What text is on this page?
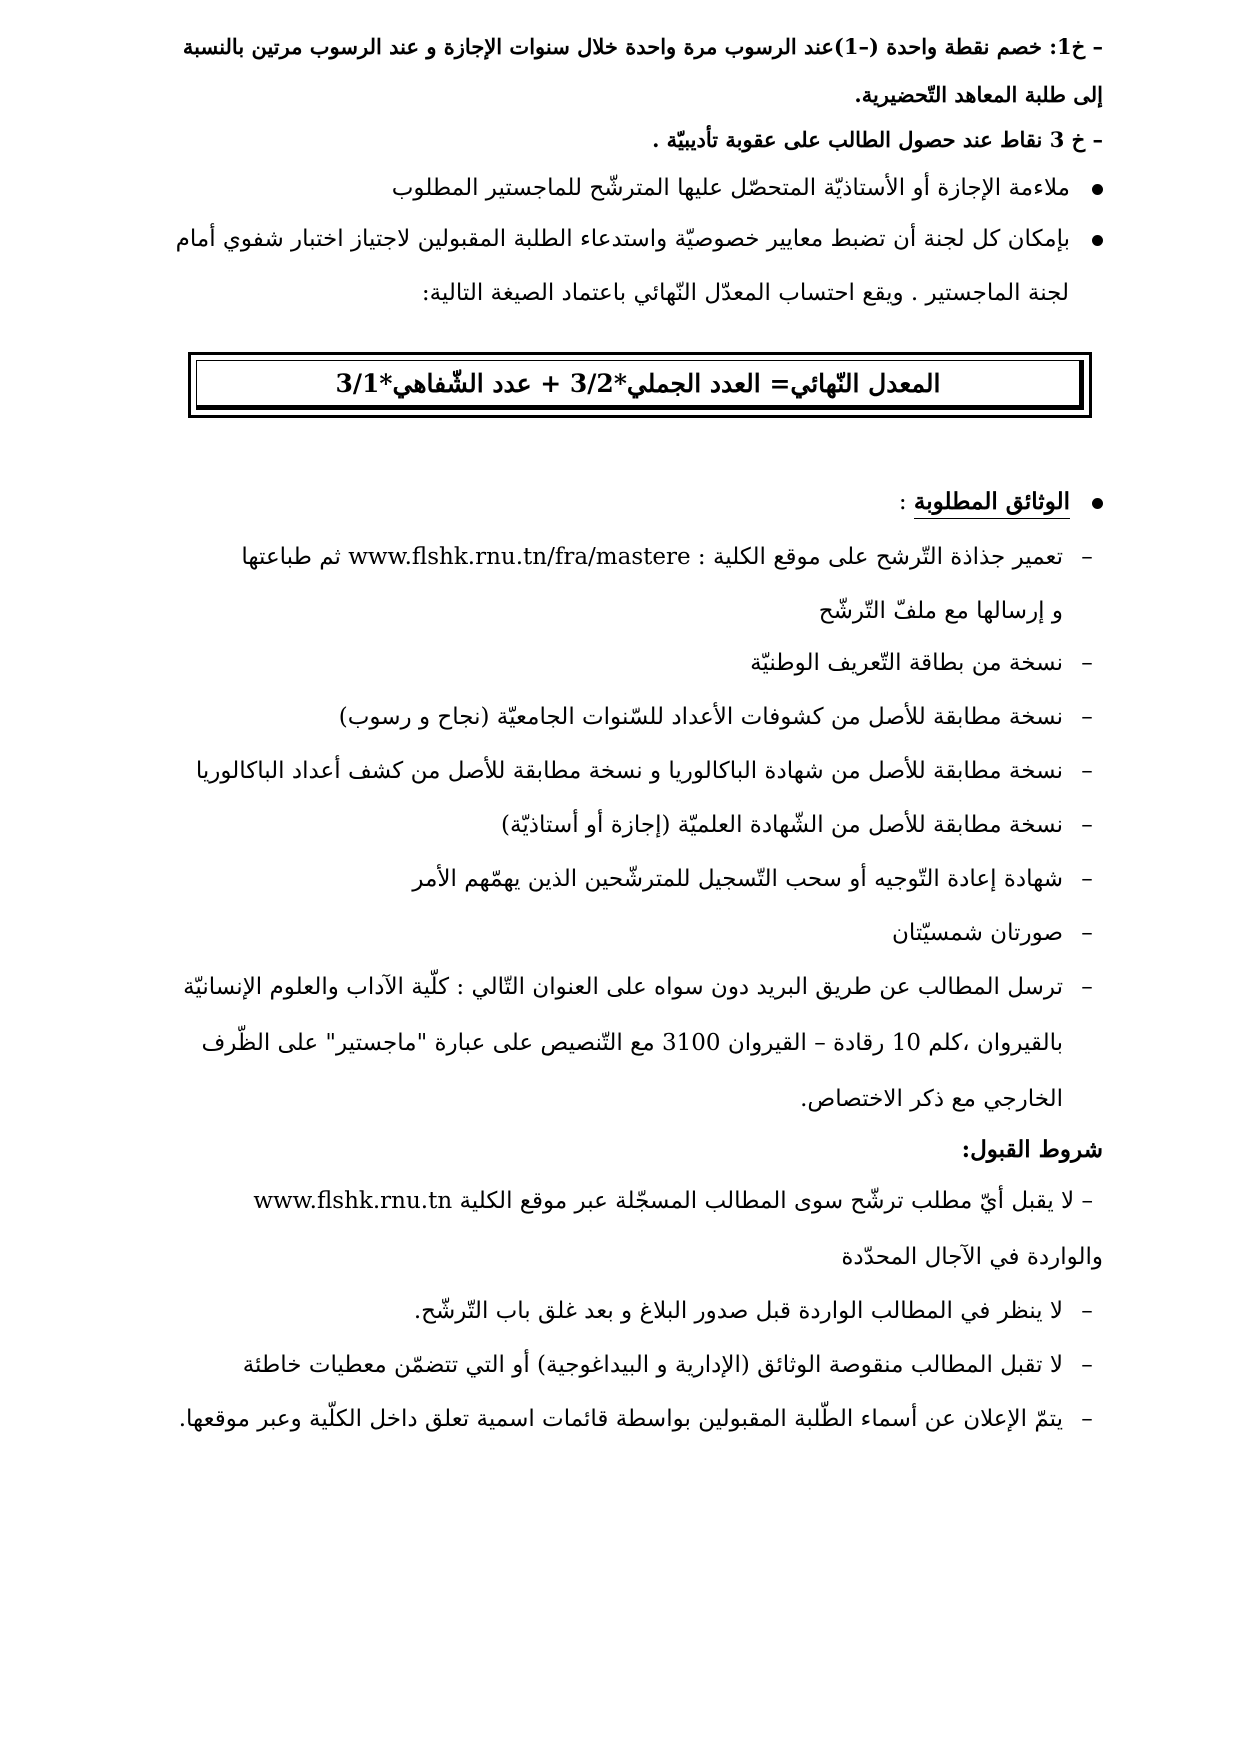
– خ1: خصم نقطة واحدة (–1)عند الرسوب مرة واحدة خلال سنوات الإجازة و عند الرسوب مرتين بالنسبة
إلى طلبة المعاهد التّحضيرية.
– خ 3 نقاط عند حصول الطالب على عقوبة تأديبيّة .
ملاءمة الإجازة أو الأستاذيّة المتحصّل عليها المترشّح للماجستير المطلوب
بإمكان كل لجنة أن تضبط معايير خصوصيّة واستدعاء الطلبة المقبولين لاجتياز اختبار شفوي أمام
لجنة الماجستير . ويقع احتساب المعدّل النّهائي باعتماد الصيغة التالية:
المعدل النّهائي= العدد الجملي*3/2 + عدد الشّفاهي*3/1
الوثائق المطلوبة :
– تعمير جذاذة التّرشح على موقع الكلية : www.flshk.rnu.tn/fra/mastere ثم طباعتها
و إرسالها مع ملفّ التّرشّح
– نسخة من بطاقة التّعريف الوطنيّة
– نسخة مطابقة للأصل من كشوفات الأعداد للسّنوات الجامعيّة (نجاح و رسوب)
– نسخة مطابقة للأصل من شهادة الباكالوريا و نسخة مطابقة للأصل من كشف أعداد الباكالوريا
– نسخة مطابقة للأصل من الشّهادة العلميّة (إجازة أو أستاذيّة)
– شهادة إعادة التّوجيه أو سحب التّسجيل للمترشّحين الذين يهمّهم الأمر
– صورتان شمسيّتان
– ترسل المطالب عن طريق البريد دون سواه على العنوان التّالي : كلّية الآداب والعلوم الإنسانيّة
بالقيروان ،كلم 10 رقادة – القيروان 3100 مع التّنصيص على عبارة "ماجستير" على الظّرف
الخارجي مع ذكر الاختصاص.
شروط القبول:
– لا يقبل أيّ مطلب ترشّح سوى المطالب المسجّلة عبر موقع الكلية www.flshk.rnu.tn
والواردة في الآجال المحدّدة
– لا ينظر في المطالب الواردة قبل صدور البلاغ و بعد غلق باب التّرشّح.
– لا تقبل المطالب منقوصة الوثائق (الإدارية و البيداغوجية) أو التي تتضمّن معطيات خاطئة
– يتمّ الإعلان عن أسماء الطّلبة المقبولين بواسطة قائمات اسمية تعلق داخل الكلّية وعبر موقعها.
